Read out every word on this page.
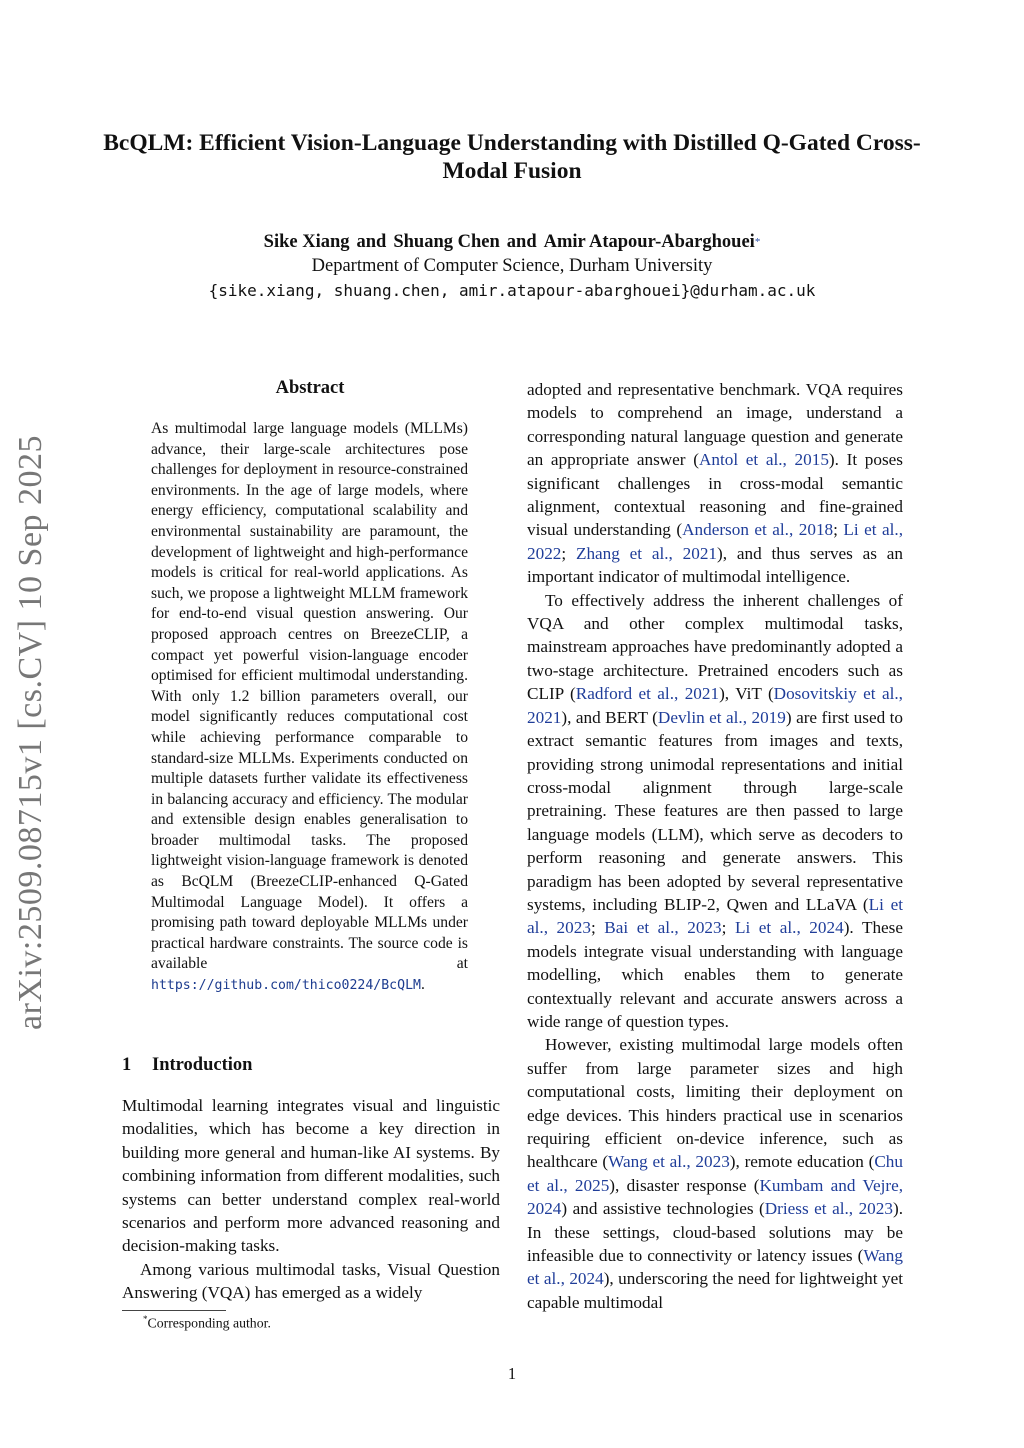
BcQLM: Efficient Vision-Language Understanding with Distilled Q-Gated Cross-Modal Fusion
Sike Xiang and Shuang Chen and Amir Atapour-Abarghouei*
Department of Computer Science, Durham University
{sike.xiang, shuang.chen, amir.atapour-abarghouei}@durham.ac.uk
arXiv:2509.08715v1 [cs.CV] 10 Sep 2025
Abstract
As multimodal large language models (MLLMs) advance, their large-scale architectures pose challenges for deployment in resource-constrained environments. In the age of large models, where energy efficiency, computational scalability and environmental sustainability are paramount, the development of lightweight and high-performance models is critical for real-world applications. As such, we propose a lightweight MLLM framework for end-to-end visual question answering. Our proposed approach centres on BreezeCLIP, a compact yet powerful vision-language encoder optimised for efficient multimodal understanding. With only 1.2 billion parameters overall, our model significantly reduces computational cost while achieving performance comparable to standard-size MLLMs. Experiments conducted on multiple datasets further validate its effectiveness in balancing accuracy and efficiency. The modular and extensible design enables generalisation to broader multimodal tasks. The proposed lightweight vision-language framework is denoted as BcQLM (BreezeCLIP-enhanced Q-Gated Multimodal Language Model). It offers a promising path toward deployable MLLMs under practical hardware constraints. The source code is available at https://github.com/thico0224/BcQLM.
1 Introduction

Multimodal learning integrates visual and linguistic modalities, which has become a key direction in building more general and human-like AI systems. By combining information from different modalities, such systems can better understand complex real-world scenarios and perform more advanced reasoning and decision-making tasks.

Among various multimodal tasks, Visual Question Answering (VQA) has emerged as a widely

adopted and representative benchmark. VQA requires models to comprehend an image, understand a corresponding natural language question and generate an appropriate answer (Antol et al., 2015). It poses significant challenges in cross-modal semantic alignment, contextual reasoning and fine-grained visual understanding (Anderson et al., 2018; Li et al., 2022; Zhang et al., 2021), and thus serves as an important indicator of multimodal intelligence.

To effectively address the inherent challenges of VQA and other complex multimodal tasks, mainstream approaches have predominantly adopted a two-stage architecture. Pretrained encoders such as CLIP (Radford et al., 2021), ViT (Dosovitskiy et al., 2021), and BERT (Devlin et al., 2019) are first used to extract semantic features from images and texts, providing strong unimodal representations and initial cross-modal alignment through large-scale pretraining. These features are then passed to large language models (LLM), which serve as decoders to perform reasoning and generate answers. This paradigm has been adopted by several representative systems, including BLIP-2, Qwen and LLaVA (Li et al., 2023; Bai et al., 2023; Li et al., 2024). These models integrate visual understanding with language modelling, which enables them to generate contextually relevant and accurate answers across a wide range of question types.

However, existing multimodal large models often suffer from large parameter sizes and high computational costs, limiting their deployment on edge devices. This hinders practical use in scenarios requiring efficient on-device inference, such as healthcare (Wang et al., 2023), remote education (Chu et al., 2025), disaster response (Kumbam and Vejre, 2024) and assistive technologies (Driess et al., 2023). In these settings, cloud-based solutions may be infeasible due to connectivity or latency issues (Wang et al., 2024), underscoring the need for lightweight yet capable multimodal

*Corresponding author.
1
